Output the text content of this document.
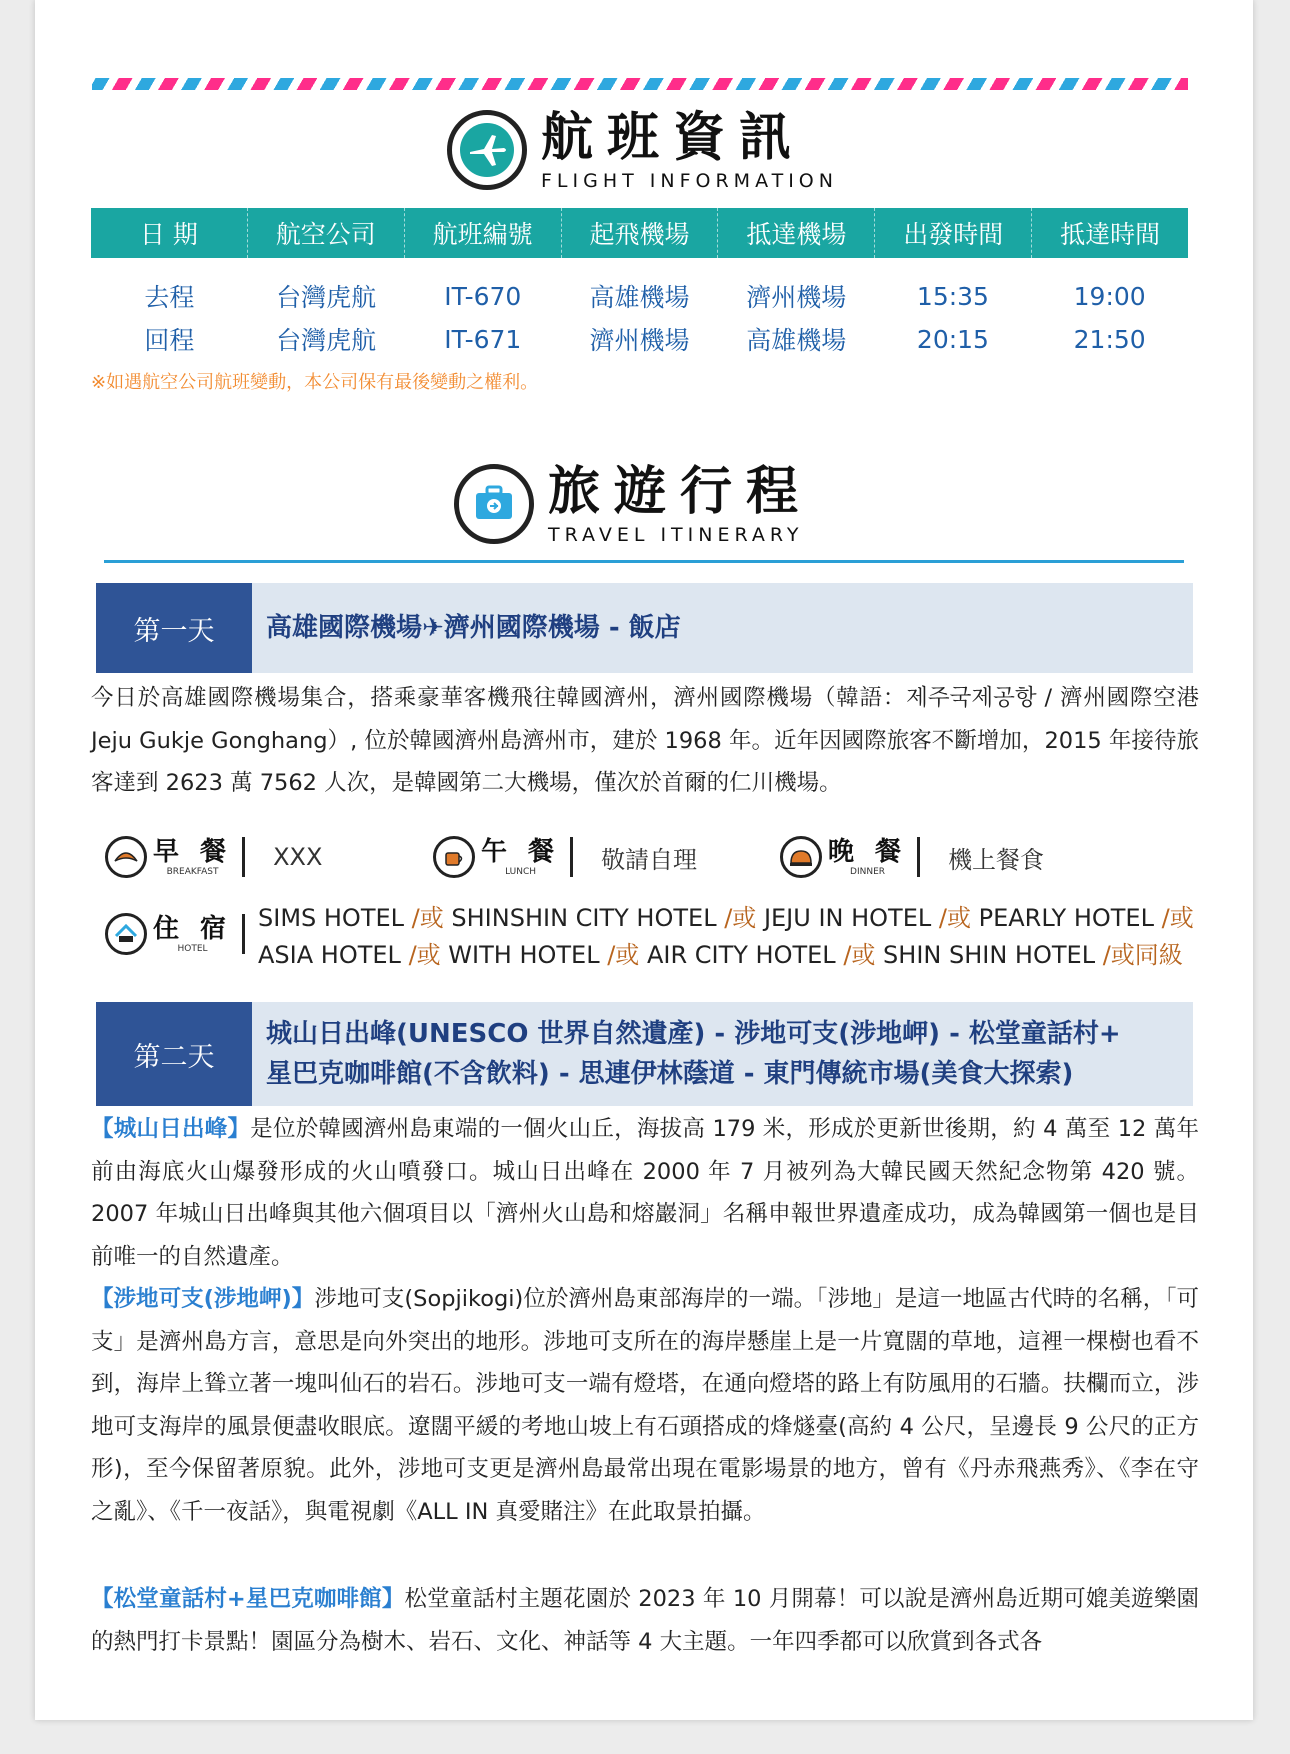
航班資訊
FLIGHT INFORMATION
日 期	航空公司	航班編號	起飛機場	抵達機場	出發時間	抵達時間
去程	台灣虎航	IT-670	高雄機場	濟州機場	15:35	19:00
回程	台灣虎航	IT-671	濟州機場	高雄機場	20:15	21:50
※如遇航空公司航班變動，本公司保有最後變動之權利。
旅遊行程
TRAVEL ITINERARY
第一天	高雄國際機場✈濟州國際機場 - 飯店
今日於高雄國際機場集合，搭乘豪華客機飛往韓國濟州，濟州國際機場（韓語：제주국제공항 / 濟州國際空港 Jeju Gukje Gonghang）, 位於韓國濟州島濟州市，建於 1968 年。近年因國際旅客不斷增加，2015 年接待旅客達到 2623 萬 7562 人次，是韓國第二大機場，僅次於首爾的仁川機場。
早 餐
BREAKFAST
XXX	午 餐
LUNCH	敬請自理	晚 餐
DINNER	機上餐食
住 宿
HOTEL
SIMS HOTEL /或 SHINSHIN CITY HOTEL /或 JEJU IN HOTEL /或 PEARLY HOTEL /或
ASIA HOTEL /或 WITH HOTEL /或 AIR CITY HOTEL /或 SHIN SHIN HOTEL /或同級
第二天
城山日出峰(UNESCO 世界自然遺產) - 涉地可支(涉地岬) - 松堂童話村+
星巴克咖啡館(不含飲料) - 思連伊林蔭道 - 東門傳統市場(美食大探索)
【城山日出峰】是位於韓國濟州島東端的一個火山丘，海拔高 179 米，形成於更新世後期，約 4 萬至 12 萬年前由海底火山爆發形成的火山噴發口。城山日出峰在 2000 年 7 月被列為大韓民國天然紀念物第 420 號。2007 年城山日出峰與其他六個項目以「濟州火山島和熔巖洞」名稱申報世界遺產成功，成為韓國第一個也是目前唯一的自然遺產。
【涉地可支(涉地岬)】涉地可支(Sopjikogi)位於濟州島東部海岸的一端。「涉地」是這一地區古代時的名稱，「可支」是濟州島方言，意思是向外突出的地形。涉地可支所在的海岸懸崖上是一片寬闊的草地，這裡一棵樹也看不到，海岸上聳立著一塊叫仙石的岩石。涉地可支一端有燈塔，在通向燈塔的路上有防風用的石牆。扶欄而立，涉地可支海岸的風景便盡收眼底。遼闊平緩的考地山坡上有石頭搭成的烽燧臺(高約 4 公尺，呈邊長 9 公尺的正方形)，至今保留著原貌。此外，涉地可支更是濟州島最常出現在電影場景的地方，曾有《丹赤飛燕秀》、《李在守之亂》、《千一夜話》，與電視劇《ALL IN 真愛賭注》在此取景拍攝。
【松堂童話村+星巴克咖啡館】松堂童話村主題花園於 2023 年 10 月開幕！可以說是濟州島近期可媲美遊樂園的熱門打卡景點！園區分為樹木、岩石、文化、神話等 4 大主題。一年四季都可以欣賞到各式各
